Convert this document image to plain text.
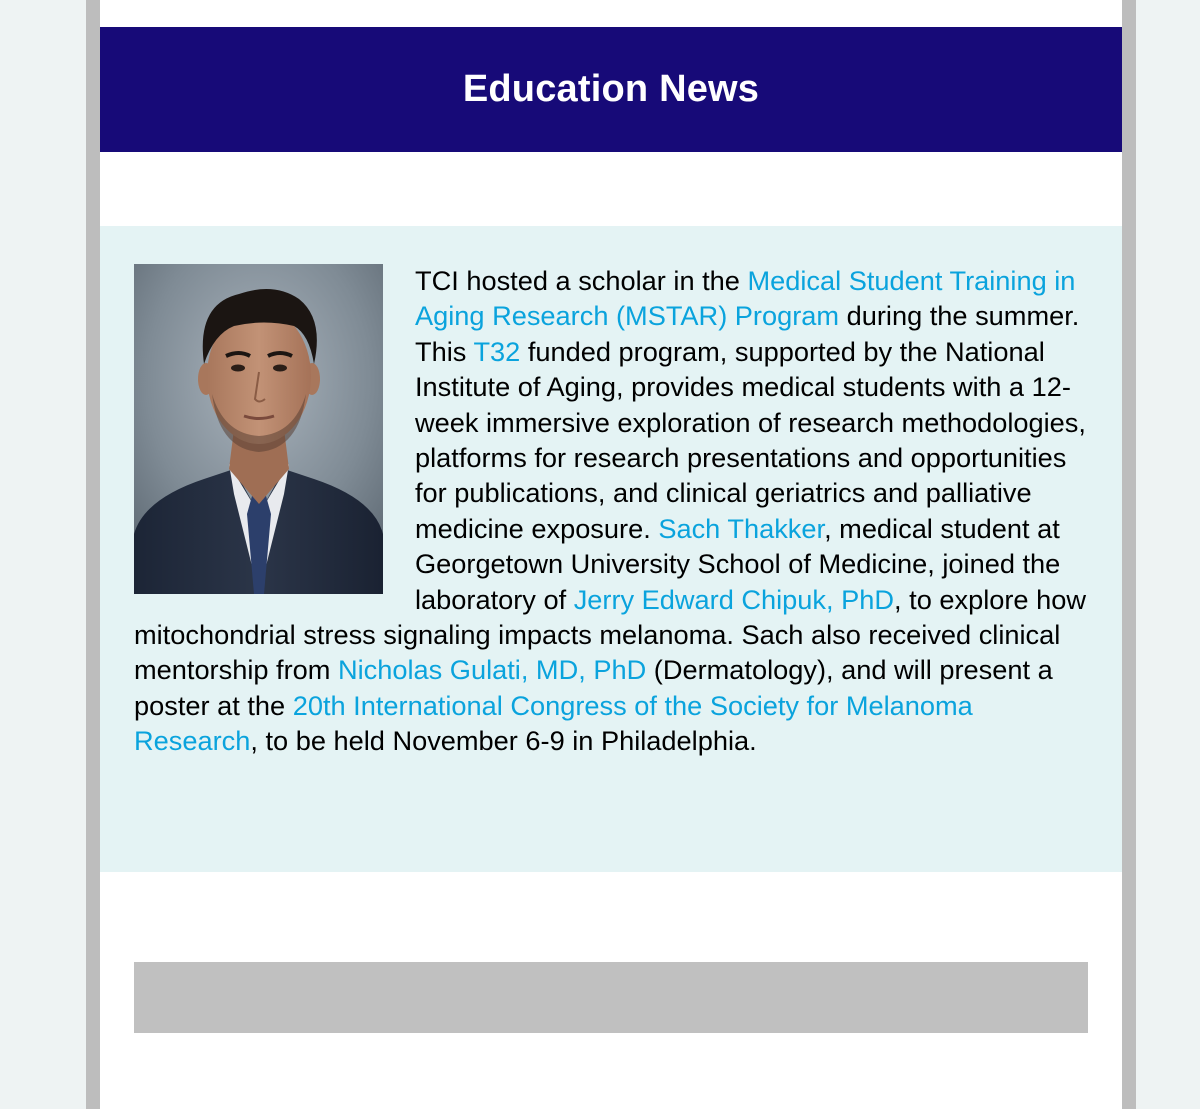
Education News
TCI hosted a scholar in the Medical Student Training in Aging Research (MSTAR) Program during the summer. This T32 funded program, supported by the National Institute of Aging, provides medical students with a 12-week immersive exploration of research methodologies, platforms for research presentations and opportunities for publications, and clinical geriatrics and palliative medicine exposure. Sach Thakker, medical student at Georgetown University School of Medicine, joined the laboratory of Jerry Edward Chipuk, PhD, to explore how mitochondrial stress signaling impacts melanoma. Sach also received clinical mentorship from Nicholas Gulati, MD, PhD (Dermatology), and will present a poster at the 20th International Congress of the Society for Melanoma Research, to be held November 6-9 in Philadelphia.
